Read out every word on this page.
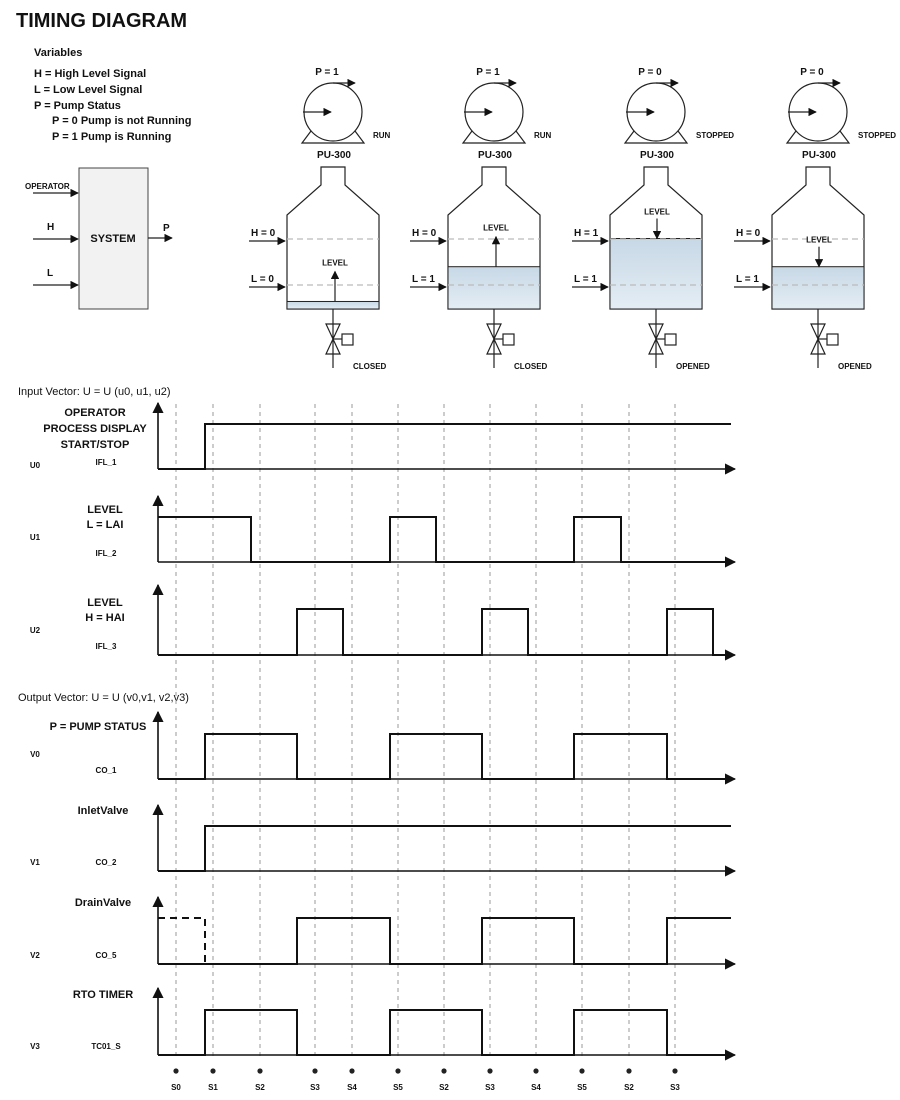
TIMING DIAGRAM
Variables
H = High Level Signal
L = Low Level Signal
P = Pump Status
P = 0 Pump is not Running
P = 1 Pump is Running
SYSTEM
OPERATOR
H
L
P
P = 1
RUN
PU-300
H = 0
L = 0
LEVEL
CLOSED
P = 1
RUN
PU-300
H = 0
L = 1
LEVEL
CLOSED
P = 0
STOPPED
PU-300
H = 1
L = 1
LEVEL
OPENED
P = 0
STOPPED
PU-300
H = 0
L = 1
LEVEL
OPENED
Input Vector: U = U (u0, u1, u2)
Output Vector: U = U (v0,v1, v2,v3)
U0	IFL_1
OPERATOR
PROCESS DISPLAY
START/STOP
U1
IFL_2
LEVEL
L = LAI
U2
IFL_3
LEVEL
H = HAI
V0
CO_1
P = PUMP STATUS
V1	CO_2
InletValve
V2	CO_5
DrainValve
V3	TC01_S
RTO TIMER
S0	S1	S2	S3	S4	S5	S2	S3	S4	S5	S2	S3
